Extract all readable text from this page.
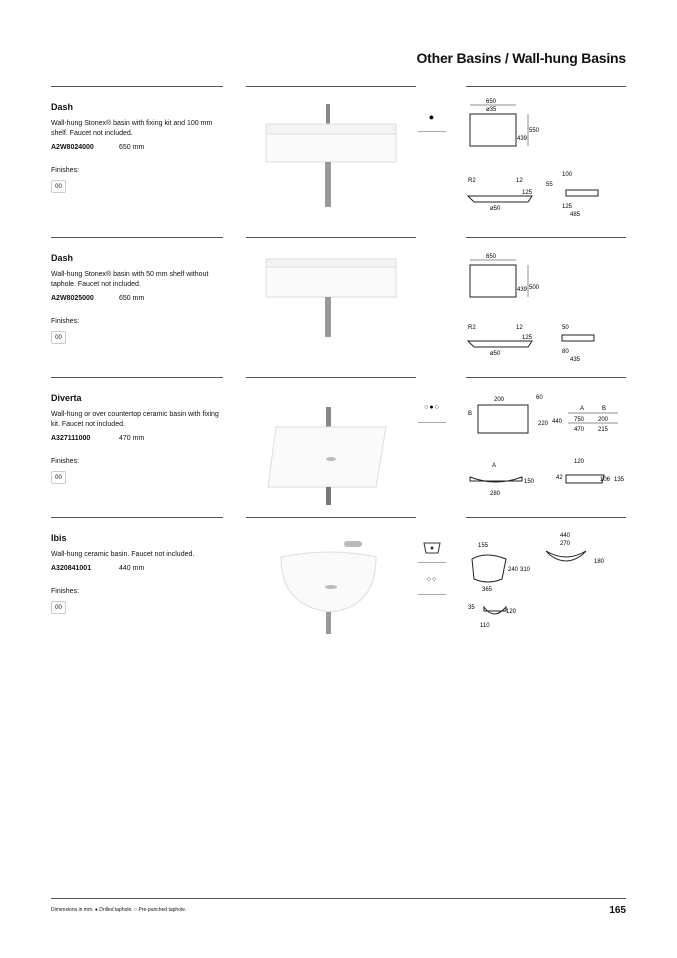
Other Basins / Wall-hung Basins
Dash
Wall-hung Stonex® basin with fixing kit and 100 mm shelf. Faucet not included.
A2W8024000	650 mm
Finishes:
00
●
650
ø35
439
550
R2	12
125
ø50
100
55
125
485
Dash
Wall-hung Stonex® basin with 50 mm shelf without taphole. Faucet not included.
A2W8025000	650 mm
Finishes:
00
650
439 500
R2	12
125
ø50
50
80
435
Diverta
Wall-hung or over countertop ceramic basin with fixing kit. Faucet not included.
A327111000	470 mm
Finishes:
00
○●○
200	60
B
220 440
A	B
750 200
470 215
A
150
280
120
42	106 135
Ibis
Wall-hung ceramic basin. Faucet not included.
A320841001	440 mm
Finishes:
00
○○
155
240 310
365
440
270
180
35
120
110
Dimensions in mm. ● Drilled taphole. ○ Pre-punched taphole.	165
